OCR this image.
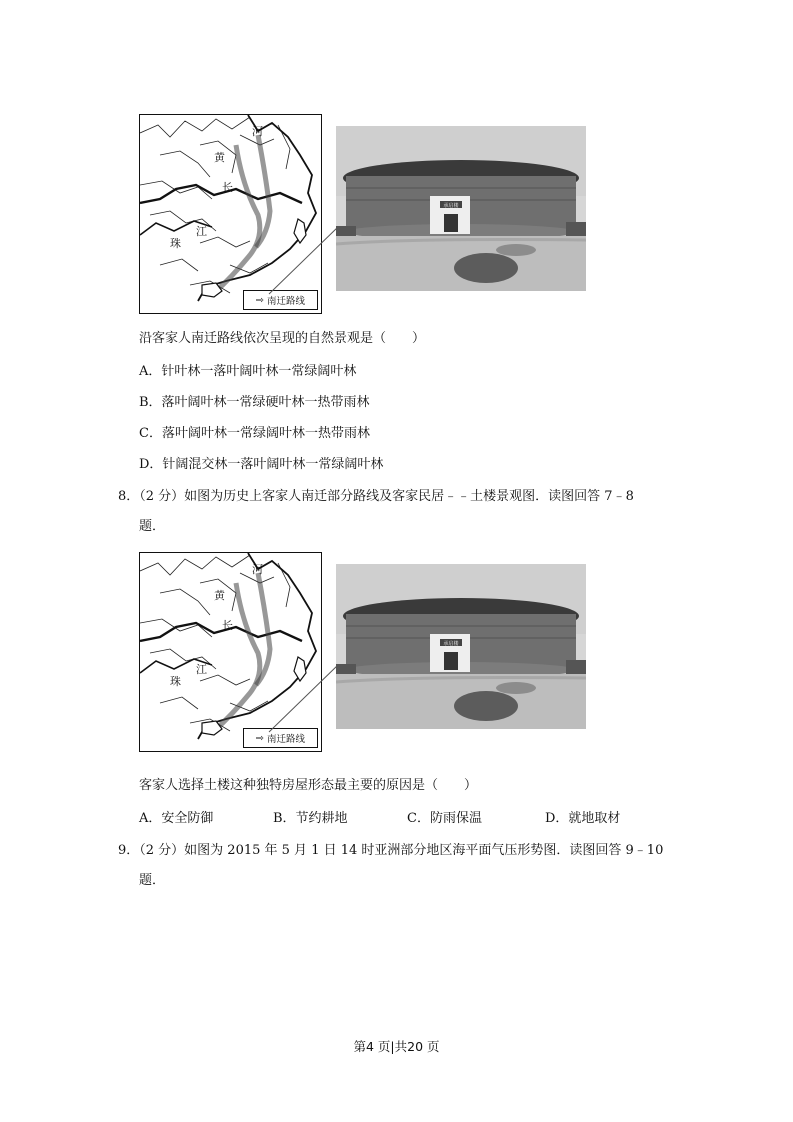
河
黄
长
珠
江
⇨ 南迁路线
承启楼
沿客家人南迁路线依次呈现的自然景观是（　　）
A．针叶林一落叶阔叶林一常绿阔叶林
B．落叶阔叶林一常绿硬叶林一热带雨林
C．落叶阔叶林一常绿阔叶林一热带雨林
D．针阔混交林一落叶阔叶林一常绿阔叶林
8．（2 分）如图为历史上客家人南迁部分路线及客家民居﹣﹣土楼景观图．读图回答 7﹣8
题．
河
黄
长
珠
江
⇨ 南迁路线
承启楼
客家人选择土楼这种独特房屋形态最主要的原因是（　　）
A．安全防御	B．节约耕地	C．防雨保温	D．就地取材
9．（2 分）如图为 2015 年 5 月 1 日 14 时亚洲部分地区海平面气压形势图．读图回答 9﹣10
题．
第4 页|共20 页
